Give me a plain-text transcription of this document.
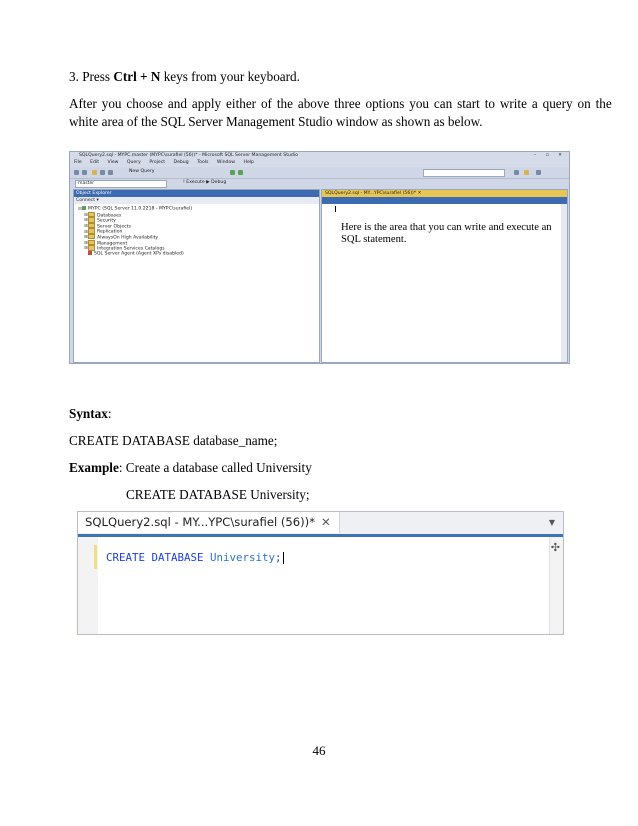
3. Press Ctrl + N keys from your keyboard.
After you choose and apply either of the above three options you can start to write a query on the
white area of the SQL Server Management Studio window as shown as below.
SQLQuery2.sql - MYPC.master (MYPC\surafiel (56))* - Microsoft SQL Server Management Studio	– ▫ ✕
File Edit View Query Project Debug Tools Window Help
New Query
master	! Execute ▶ Debug
Object Explorer
Connect ▾
⊟ MYPC (SQL Server 11.0.2218 - MYPC\surafiel)
⊞ Databases
⊞ Security
⊞ Server Objects
⊞ Replication
⊞ AlwaysOn High Availability
⊞ Management
⊞ Integration Services Catalogs
SQL Server Agent (Agent XPs disabled)
SQLQuery2.sql - MY...YPC\surafiel (56))* ✕
Here is the area that you can write and execute an
SQL statement.
Syntax:
CREATE DATABASE database_name;
Example: Create a database called University
CREATE DATABASE University;
SQLQuery2.sql - MY...YPC\surafiel (56))* ✕	▼
CREATE DATABASE University;
✣
46
